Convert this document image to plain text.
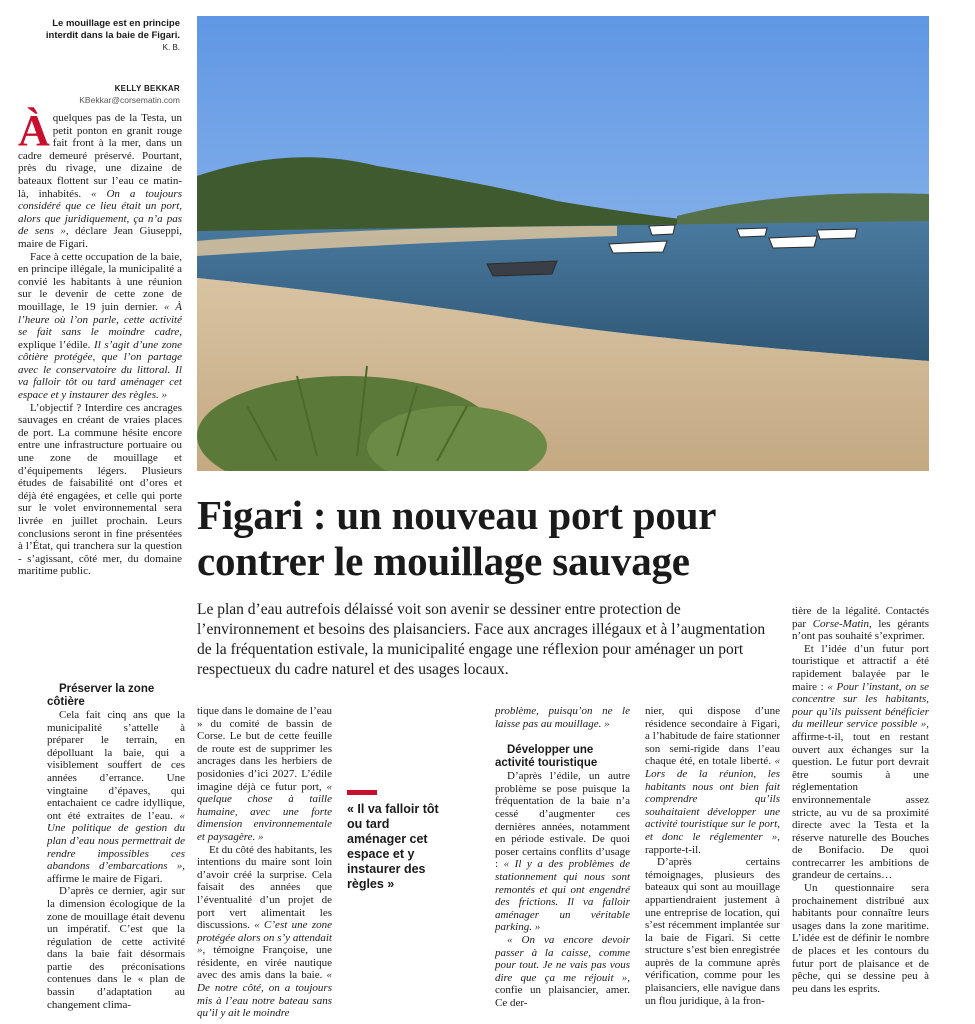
Le mouillage est en principe interdit dans la baie de Figari.
K. B.
KELLY BEKKAR
KBekkar@corsematin.com

À quelques pas de la Testa, un petit ponton en granit rouge fait front à la mer, dans un cadre demeuré préservé. Pourtant, près du rivage, une dizaine de bateaux flottent sur l’eau ce matin-là, inhabités. « On a toujours considéré que ce lieu était un port, alors que juridiquement, ça n’a pas de sens », déclare Jean Giuseppi, maire de Figari.

Face à cette occupation de la baie, en principe illégale, la municipalité a convié les habitants à une réunion sur le devenir de cette zone de mouillage, le 19 juin dernier. « À l’heure où l’on parle, cette activité se fait sans le moindre cadre, explique l’édile. Il s’agit d’une zone côtière protégée, que l’on partage avec le conservatoire du littoral. Il va falloir tôt ou tard aménager cet espace et y instaurer des règles. »

L’objectif ? Interdire ces ancrages sauvages en créant de vraies places de port. La commune hésite encore entre une infrastructure portuaire ou une zone de mouillage et d’équipements légers. Plusieurs études de faisabilité ont d’ores et déjà été engagées, et celle qui porte sur le volet environnemental sera livrée en juillet prochain. Leurs conclusions seront in fine présentées à l’État, qui tranchera sur la question - s’agissant, côté mer, du domaine maritime public.

Préserver la zone côtière

Cela fait cinq ans que la municipalité s’attelle à préparer le terrain, en dépolluant la baie, qui a visiblement souffert de ces années d’errance. Une vingtaine d’épaves, qui entachaient ce cadre idyllique, ont été extraites de l’eau. « Une politique de gestion du plan d’eau nous permettrait de rendre impossibles ces abandons d’embarcations », affirme le maire de Figari.

D’après ce dernier, agir sur la dimension écologique de la zone de mouillage était devenu un impératif. C’est que la régulation de cette activité dans la baie fait désormais partie des préconisations contenues dans le « plan de bassin d’adaptation au changement clima-

Figari : un nouveau port pour
contrer le mouillage sauvage
Le plan d’eau autrefois délaissé voit son avenir se dessiner entre protection de l’environnement et besoins des plaisanciers. Face aux ancrages illégaux et à l’augmentation de la fréquentation estivale, la municipalité engage une réflexion pour aménager un port respectueux du cadre naturel et des usages locaux.

tique dans le domaine de l’eau » du comité de bassin de Corse. Le but de cette feuille de route est de supprimer les ancrages dans les herbiers de posidonies d’ici 2027. L’édile imagine déjà ce futur port, « quelque chose à taille humaine, avec une forte dimension environnementale et paysagère. »

Et du côté des habitants, les intentions du maire sont loin d’avoir créé la surprise. Cela faisait des années que l’éventualité d’un projet de port vert alimentait les discussions. « C’est une zone protégée alors on s’y attendait », témoigne Françoise, une résidente, en virée nautique avec des amis dans la baie. « De notre côté, on a toujours mis à l’eau notre bateau sans qu’il y ait le moindre

« Il va falloir tôt ou tard aménager cet espace et y instaurer des règles »

problème, puisqu’on ne le laisse pas au mouillage. »

Développer une activité touristique

D’après l’édile, un autre problème se pose puisque la fréquentation de la baie n’a cessé d’augmenter ces dernières années, notamment en période estivale. De quoi poser certains conflits d’usage : « Il y a des problèmes de stationnement qui nous sont remontés et qui ont engendré des frictions. Il va falloir aménager un véritable parking. »

« On va encore devoir passer à la caisse, comme pour tout. Je ne vais pas vous dire que ça me réjouit », confie un plaisancier, amer. Ce der-

nier, qui dispose d’une résidence secondaire à Figari, a l’habitude de faire stationner son semi-rigide dans l’eau chaque été, en totale liberté. « Lors de la réunion, les habitants nous ont bien fait comprendre qu’ils souhaitaient développer une activité touristique sur le port, et donc le réglementer », rapporte-t-il.

D’après certains témoignages, plusieurs des bateaux qui sont au mouillage appartiendraient justement à une entreprise de location, qui s’est récemment implantée sur la baie de Figari. Si cette structure s’est bien enregistrée auprès de la commune après vérification, comme pour les plaisanciers, elle navigue dans un flou juridique, à la fron-

tière de la légalité. Contactés par Corse-Matin, les gérants n’ont pas souhaité s’exprimer.

Et l’idée d’un futur port touristique et attractif a été rapidement balayée par le maire : « Pour l’instant, on se concentre sur les habitants, pour qu’ils puissent bénéficier du meilleur service possible », affirme-t-il, tout en restant ouvert aux échanges sur la question. Le futur port devrait être soumis à une réglementation environnementale assez stricte, au vu de sa proximité directe avec la Testa et la réserve naturelle des Bouches de Bonifacio. De quoi contrecarrer les ambitions de grandeur de certains…

Un questionnaire sera prochainement distribué aux habitants pour connaître leurs usages dans la zone maritime. L’idée est de définir le nombre de places et les contours du futur port de plaisance et de pêche, qui se dessine peu à peu dans les esprits.
